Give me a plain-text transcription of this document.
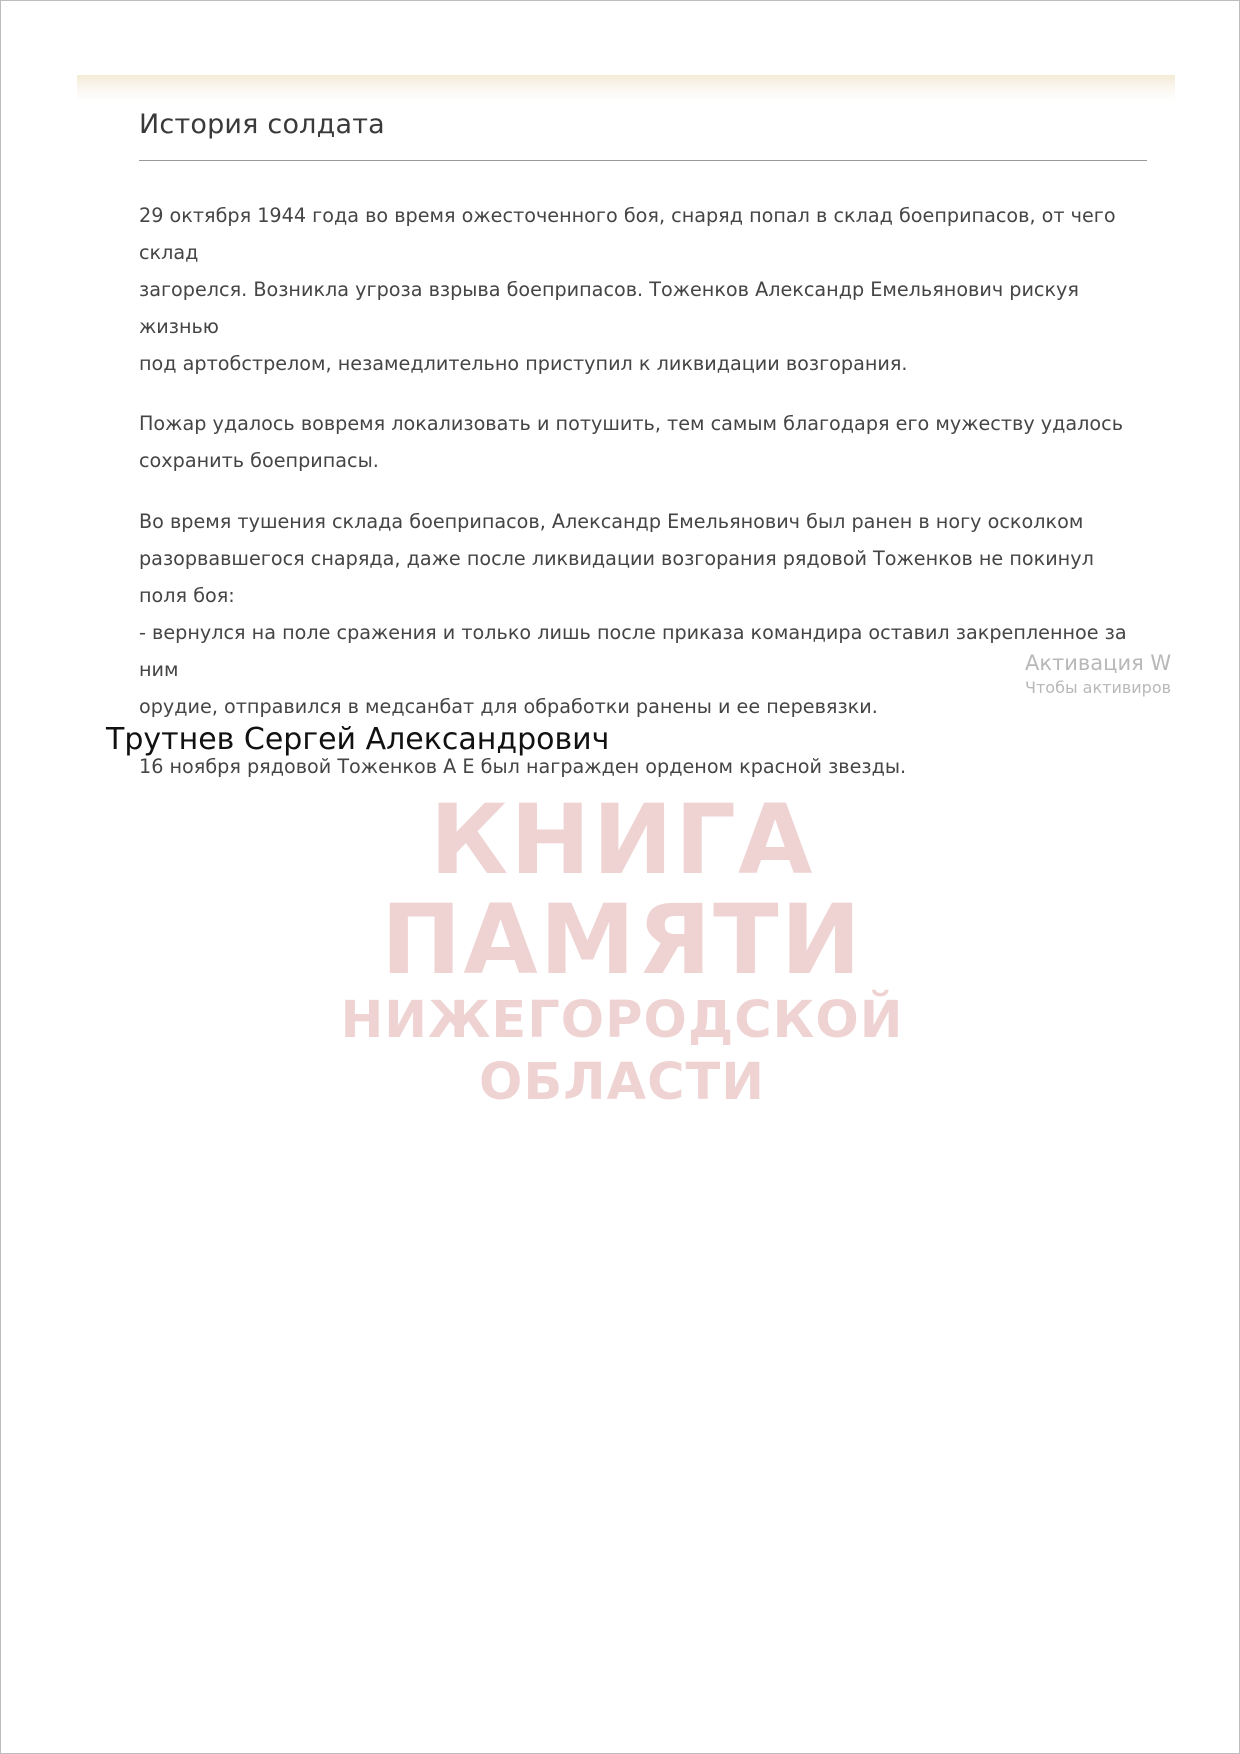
История солдата

29 октября 1944 года во время ожесточенного боя, снаряд попал в склад боеприпасов, от чего склад
загорелся. Возникла угроза взрыва боеприпасов. Тоженков Александр Емельянович рискуя жизнью
под артобстрелом, незамедлительно приступил к ликвидации возгорания.

Пожар удалось вовремя локализовать и потушить, тем самым благодаря его мужеству удалось
сохранить боеприпасы.

Во время тушения склада боеприпасов, Александр Емельянович был ранен в ногу осколком
разорвавшегося снаряда, даже после ликвидации возгорания рядовой Тоженков не покинул поля боя:
- вернулся на поле сражения и только лишь после приказа командира оставил закрепленное за ним
орудие, отправился в медсанбат для обработки ранены и ее перевязки.

16 ноября рядовой Тоженков А Е был награжден орденом красной звезды.

Активация W
Чтобы активиров
Трутнев Сергей Александрович
КНИГА ПАМЯТИ
НИЖЕГОРОДСКОЙ ОБЛАСТИ
